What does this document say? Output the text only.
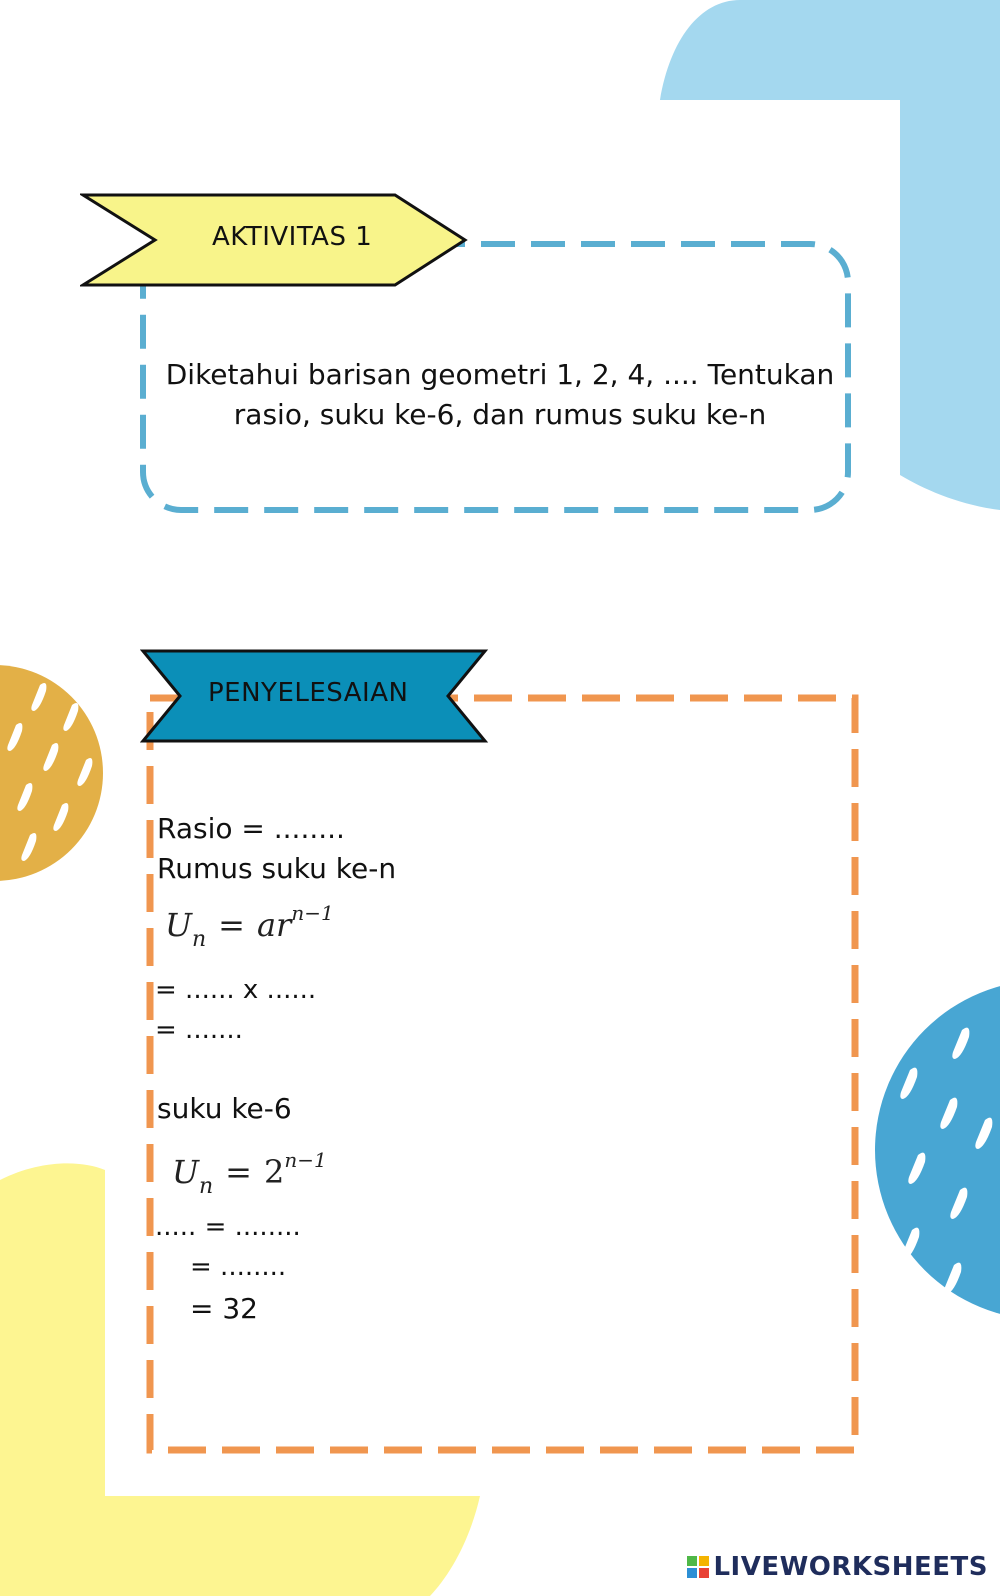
AKTIVITAS 1
Diketahui barisan geometri 1, 2, 4, .... Tentukan rasio, suku ke-6, dan rumus suku ke-n
PENYELESAIAN
Rasio = ........
Rumus suku ke-n
$U_n = ar^{n-1}$
= ...... x ......
= .......
suku ke-6
$U_n = 2^{n-1}$
..... = ........
= ........
= 32
LIVEWORKSHEETS
